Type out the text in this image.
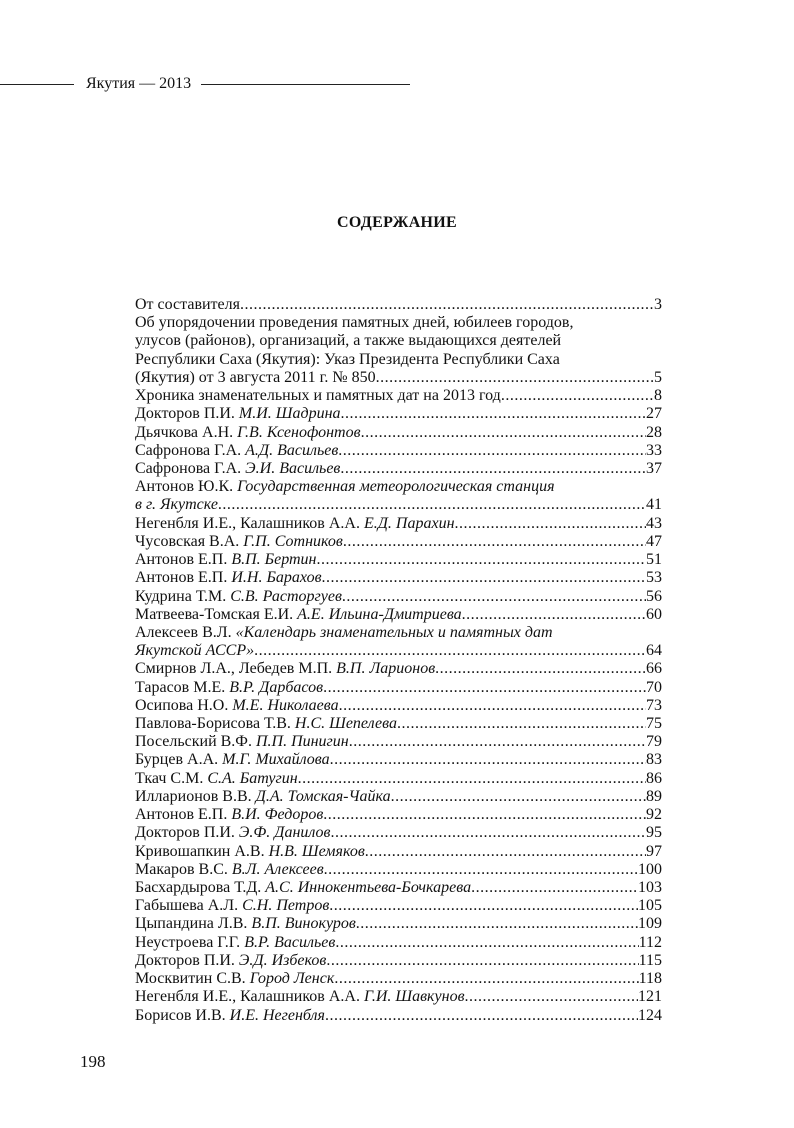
Якутия — 2013
СОДЕРЖАНИЕ
От составителя .....	3
Об упорядочении проведения памятных дней, юбилеев городов,
улусов (районов), организаций, а также выдающихся деятелей
Республики Саха (Якутия): Указ Президента Республики Саха
(Якутия) от 3 августа 2011 г. № 850 .....	5
Хроника знаменательных и памятных дат на 2013 год .....	8
Докторов П.И. М.И. Шадрина .....	27
Дьячкова А.Н. Г.В. Ксенофонтов .....	28
Сафронова Г.А. А.Д. Васильев .....	33
Сафронова Г.А. Э.И. Васильев .....	37
Антонов Ю.К. Государственная метеорологическая станция
в г. Якутске .....	41
Негенбля И.Е., Калашников А.А. Е.Д. Парахин .....	43
Чусовская В.А. Г.П. Сотников .....	47
Антонов Е.П. В.П. Бертин .....	51
Антонов Е.П. И.Н. Барахов .....	53
Кудрина Т.М. С.В. Расторгуев .....	56
Матвеева-Томская Е.И. А.Е. Ильина-Дмитриева .....	60
Алексеев В.Л. «Календарь знаменательных и памятных дат
Якутской АССР» .....	64
Смирнов Л.А., Лебедев М.П. В.П. Ларионов .....	66
Тарасов М.Е. В.Р. Дарбасов .....	70
Осипова Н.О. М.Е. Николаева .....	73
Павлова-Борисова Т.В. Н.С. Шепелева .....	75
Посельский В.Ф. П.П. Пинигин .....	79
Бурцев А.А. М.Г. Михайлова .....	83
Ткач С.М. С.А. Батугин .....	86
Илларионов В.В. Д.А. Томская-Чайка .....	89
Антонов Е.П. В.И. Федоров .....	92
Докторов П.И. Э.Ф. Данилов .....	95
Кривошапкин А.В. Н.В. Шемяков .....	97
Макаров В.С. В.Л. Алексеев .....	100
Басхардырова Т.Д. А.С. Иннокентьева-Бочкарева .....	103
Габышева А.Л. С.Н. Петров .....	105
Цыпандина Л.В. В.П. Винокуров .....	109
Неустроева Г.Г. В.Р. Васильев .....	112
Докторов П.И. Э.Д. Избеков .....	115
Москвитин С.В. Город Ленск .....	118
Негенбля И.Е., Калашников А.А. Г.И. Шавкунов .....	121
Борисов И.В. И.Е. Негенбля .....	124
198
